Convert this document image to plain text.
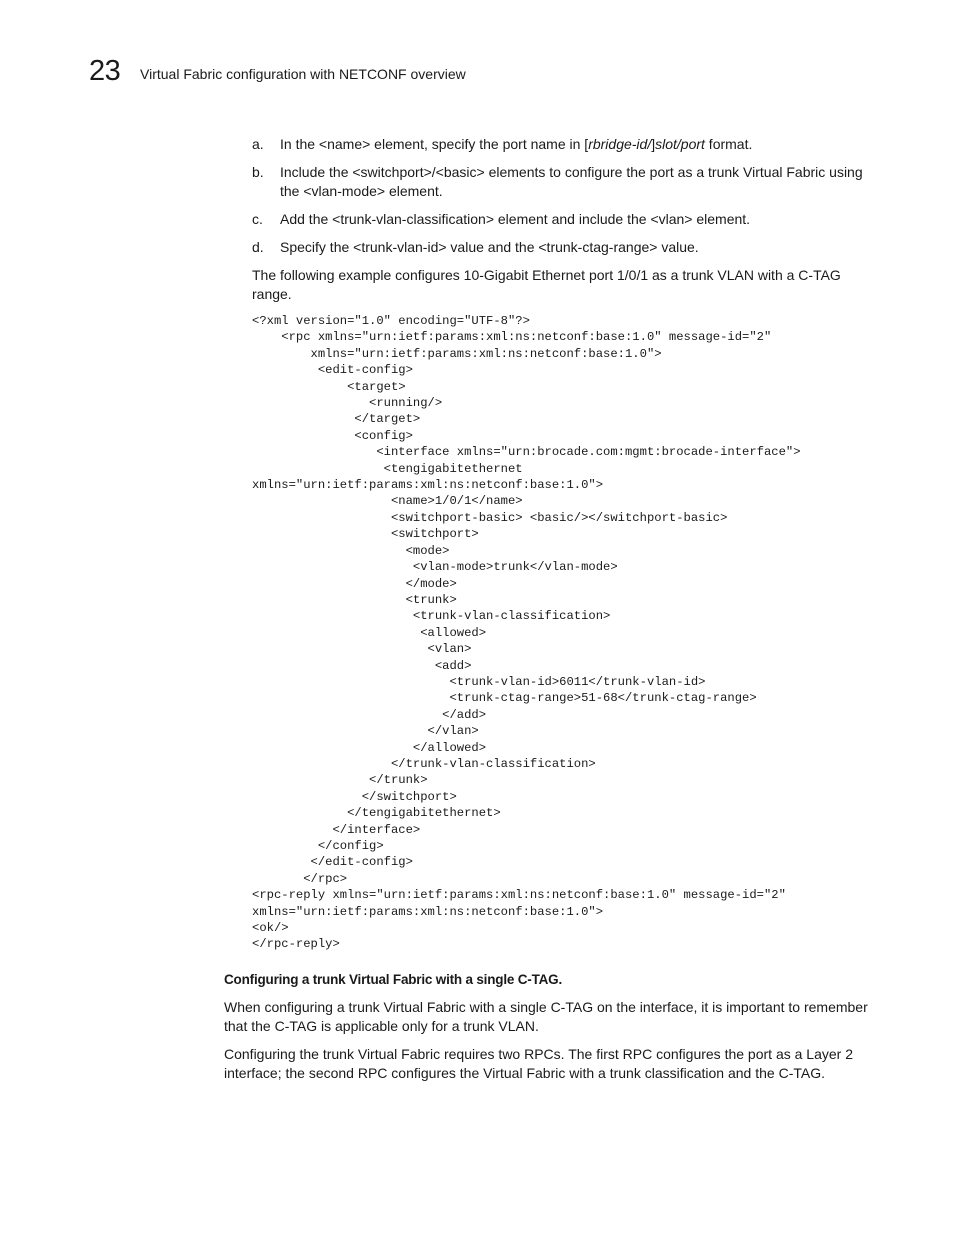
23 Virtual Fabric configuration with NETCONF overview
a. In the <name> element, specify the port name in [rbridge-id/]slot/port format.
b. Include the <switchport>/<basic> elements to configure the port as a trunk Virtual Fabric using the <vlan-mode> element.
c. Add the <trunk-vlan-classification> element and include the <vlan> element.
d. Specify the <trunk-vlan-id> value and the <trunk-ctag-range> value.

The following example configures 10-Gigabit Ethernet port 1/0/1 as a trunk VLAN with a C-TAG range.

<?xml version="1.0" encoding="UTF-8"?>
<rpc xmlns="urn:ietf:params:xml:ns:netconf:base:1.0" message-id="2"
xmlns="urn:ietf:params:xml:ns:netconf:base:1.0">
<edit-config>
<target>
<running/>
</target>
<config>
<interface xmlns="urn:brocade.com:mgmt:brocade-interface">
<tengigabitethernet
xmlns="urn:ietf:params:xml:ns:netconf:base:1.0">
<name>1/0/1</name>
<switchport-basic> <basic/></switchport-basic>
<switchport>
<mode>
<vlan-mode>trunk</vlan-mode>
</mode>
<trunk>
<trunk-vlan-classification>
<allowed>
<vlan>
<add>
<trunk-vlan-id>6011</trunk-vlan-id>
<trunk-ctag-range>51-68</trunk-ctag-range>
</add>
</vlan>
</allowed>
</trunk-vlan-classification>
</trunk>
</switchport>
</tengigabitethernet>
</interface>
</config>
</edit-config>
</rpc>
<rpc-reply xmlns="urn:ietf:params:xml:ns:netconf:base:1.0" message-id="2"
xmlns="urn:ietf:params:xml:ns:netconf:base:1.0">
<ok/>
</rpc-reply>

Configuring a trunk Virtual Fabric with a single C-TAG.

When configuring a trunk Virtual Fabric with a single C-TAG on the interface, it is important to remember that the C-TAG is applicable only for a trunk VLAN.

Configuring the trunk Virtual Fabric requires two RPCs. The first RPC configures the port as a Layer 2 interface; the second RPC configures the Virtual Fabric with a trunk classification and the C-TAG.
